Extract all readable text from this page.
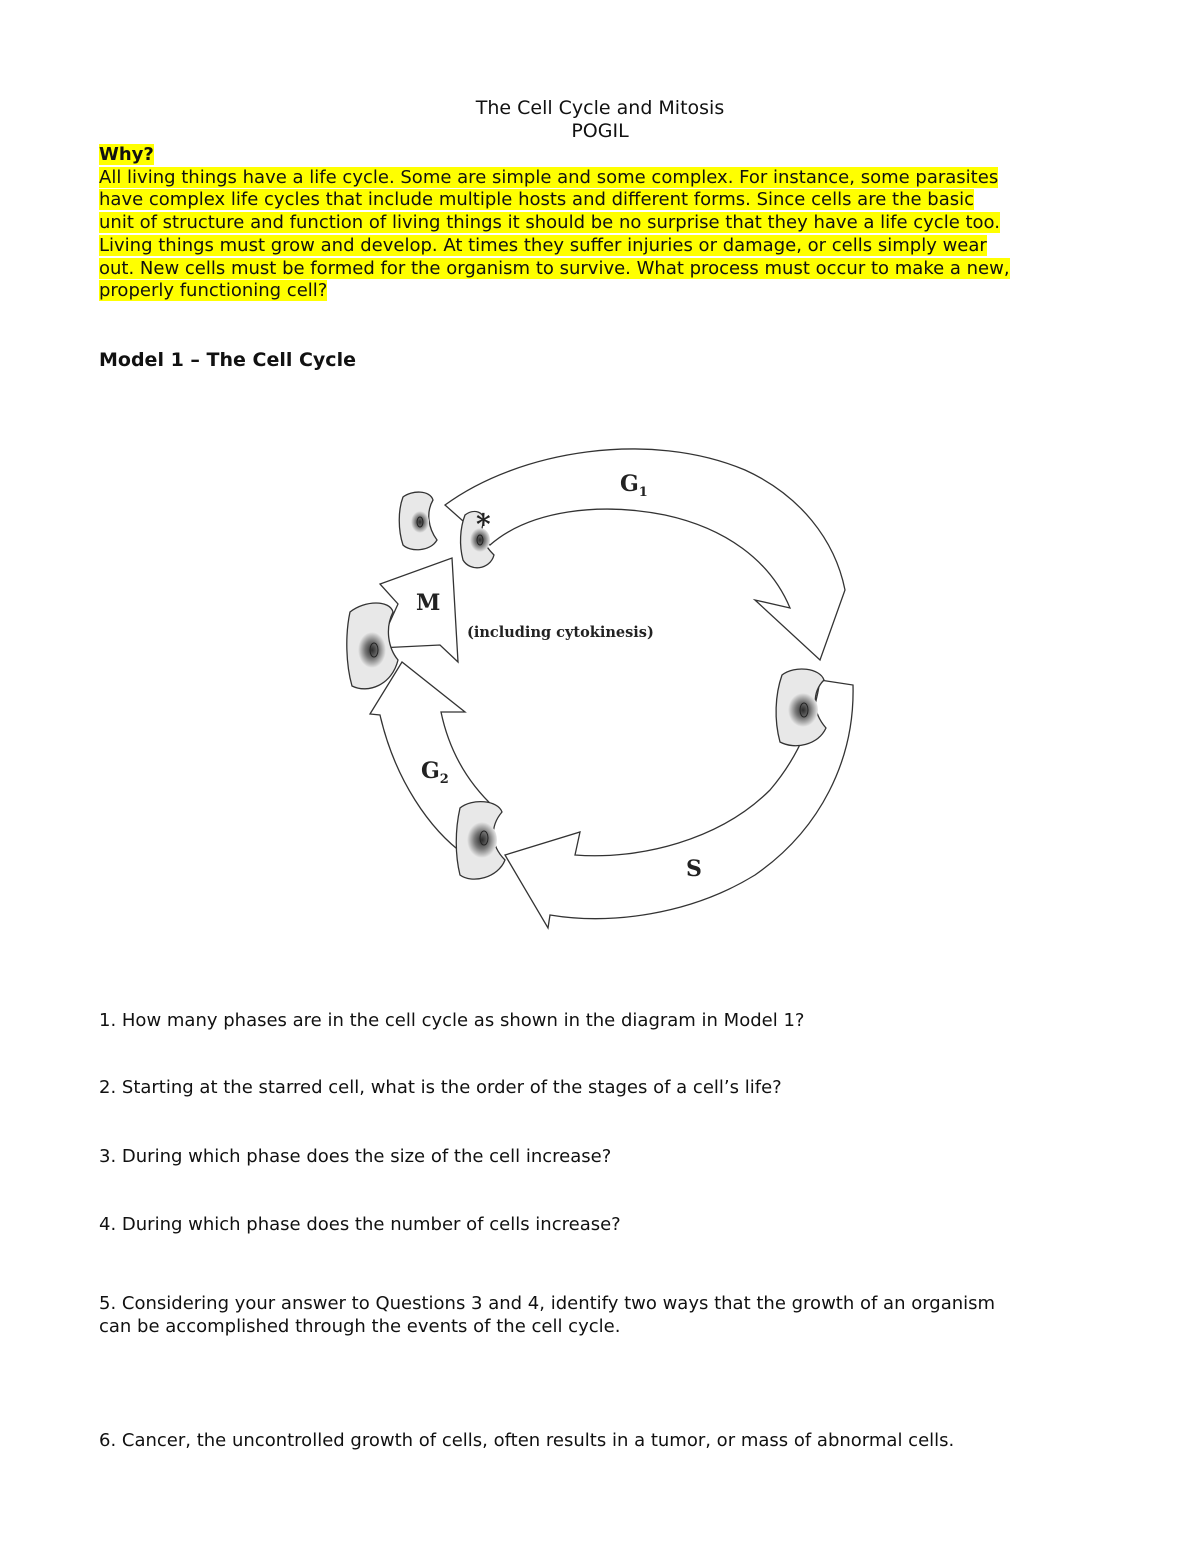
The Cell Cycle and Mitosis
POGIL
Why?
All living things have a life cycle. Some are simple and some complex. For instance, some parasites
have complex life cycles that include multiple hosts and different forms. Since cells are the basic
unit of structure and function of living things it should be no surprise that they have a life cycle too.
Living things must grow and develop. At times they suffer injuries or damage, or cells simply wear
out. New cells must be formed for the organism to survive. What process must occur to make a new,
properly functioning cell?
Model 1 – The Cell Cycle
*
$G_1$
M
(including cytokinesis)
$G_2$
S
1. How many phases are in the cell cycle as shown in the diagram in Model 1?
2. Starting at the starred cell, what is the order of the stages of a cell’s life?
3. During which phase does the size of the cell increase?
4. During which phase does the number of cells increase?
5. Considering your answer to Questions 3 and 4, identify two ways that the growth of an organism
can be accomplished through the events of the cell cycle.
6. Cancer, the uncontrolled growth of cells, often results in a tumor, or mass of abnormal cells.
